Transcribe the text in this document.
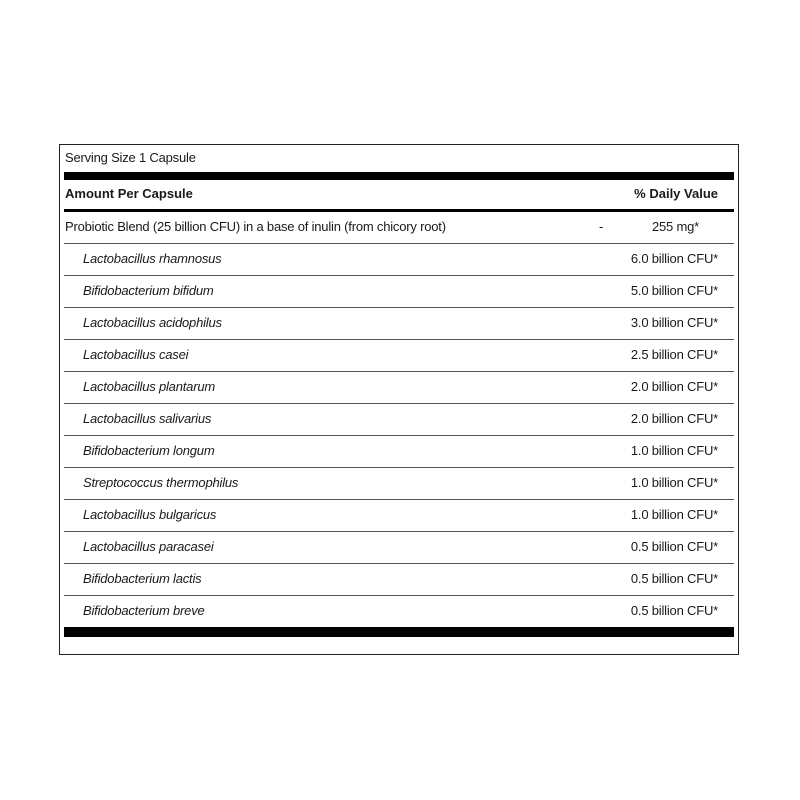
Serving Size 1 Capsule
Amount Per Capsule	% Daily Value
Probiotic Blend (25 billion CFU) in a base of inulin (from chicory root)	-	255 mg*
Lactobacillus rhamnosus	6.0 billion CFU*
Bifidobacterium bifidum	5.0 billion CFU*
Lactobacillus acidophilus	3.0 billion CFU*
Lactobacillus casei	2.5 billion CFU*
Lactobacillus plantarum	2.0 billion CFU*
Lactobacillus salivarius	2.0 billion CFU*
Bifidobacterium longum	1.0 billion CFU*
Streptococcus thermophilus	1.0 billion CFU*
Lactobacillus bulgaricus	1.0 billion CFU*
Lactobacillus paracasei	0.5 billion CFU*
Bifidobacterium lactis	0.5 billion CFU*
Bifidobacterium breve	0.5 billion CFU*
